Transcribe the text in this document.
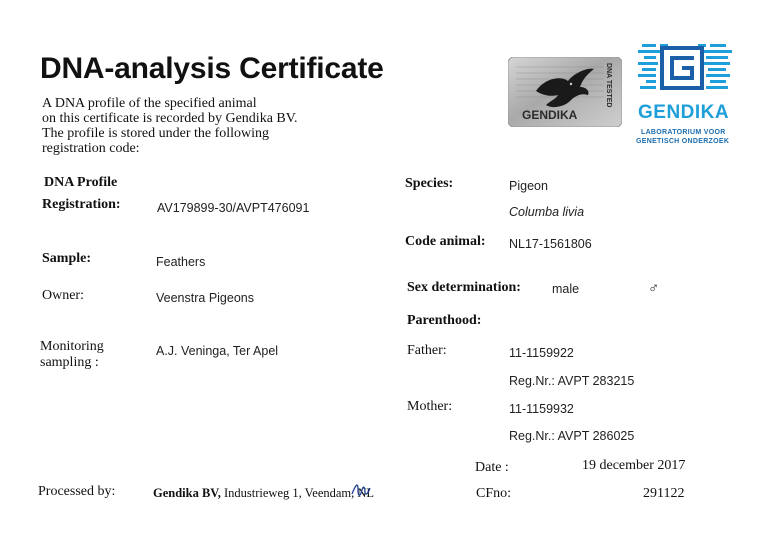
DNA-analysis Certificate
A DNA profile of the specified animal
on this certificate is recorded by Gendika BV.
The profile is stored under the following
registration code:
GENDIKA
DNA TESTED
GENDIKA
LABORATORIUM VOOR
GENETISCH ONDERZOEK
DNA Profile
Registration:	AV179899-30/AVPT476091
Sample:	Feathers
Owner:	Veenstra Pigeons
Monitoring
sampling :
A.J. Veninga, Ter Apel
Species:	Pigeon
Columba livia
Code animal: NL17-1561806
Sex determination: male	♂
Parenthood:
Father:	11-1159922
Reg.Nr.: AVPT 283215
Mother:	11-1159932
Reg.Nr.: AVPT 286025
Date :	19 december 2017
Processed by:	Gendika BV, Industrieweg 1, Veendam, NL	CFno:	291122
